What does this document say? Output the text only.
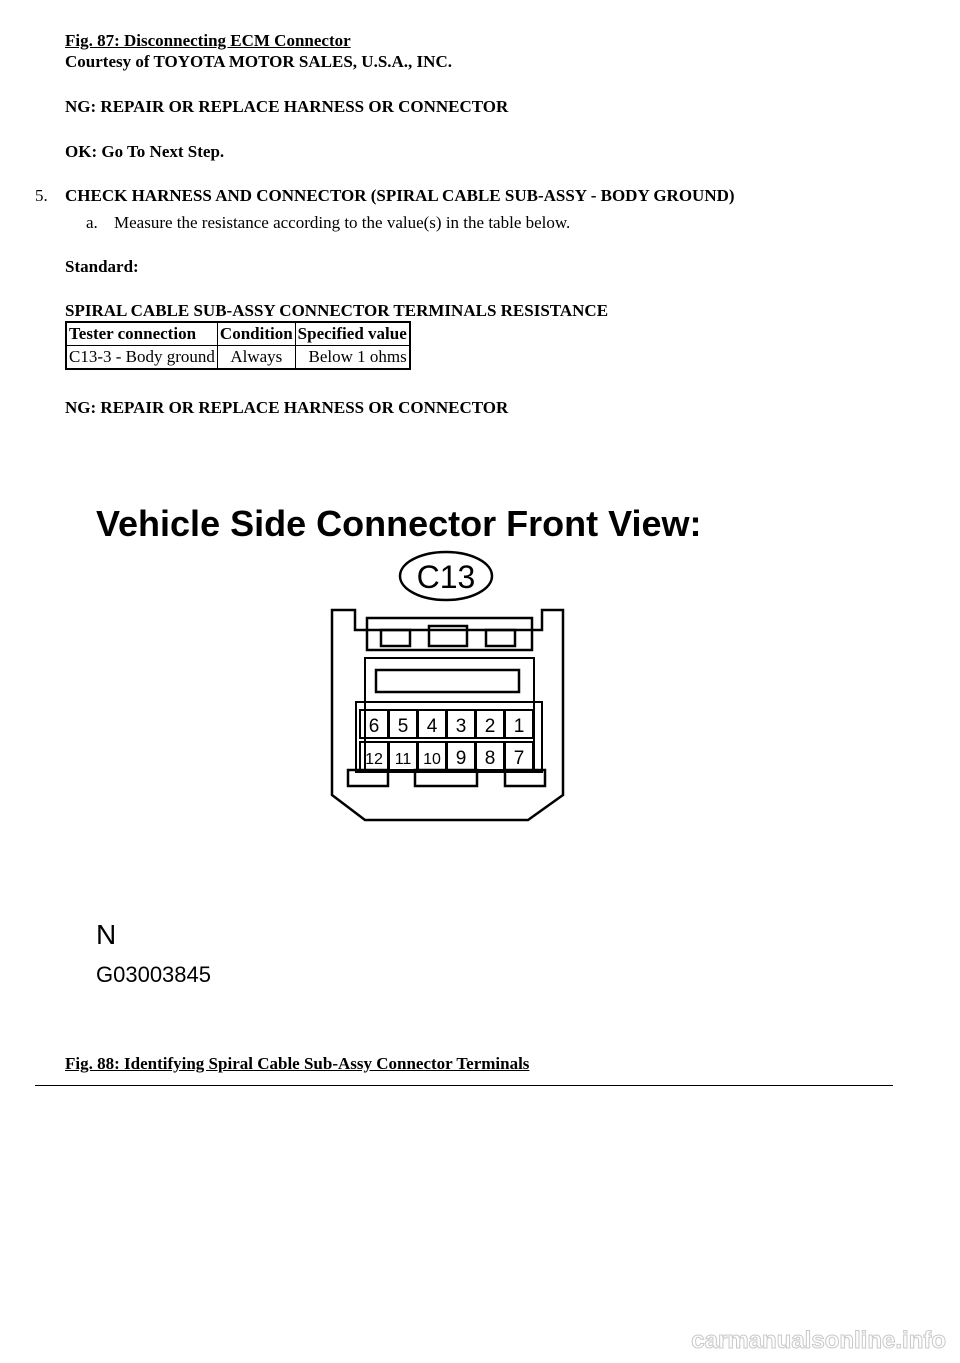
Fig. 87: Disconnecting ECM Connector
Courtesy of TOYOTA MOTOR SALES, U.S.A., INC.
NG: REPAIR OR REPLACE HARNESS OR CONNECTOR
OK: Go To Next Step.
5. CHECK HARNESS AND CONNECTOR (SPIRAL CABLE SUB-ASSY - BODY GROUND)
a. Measure the resistance according to the value(s) in the table below.
Standard:
SPIRAL CABLE SUB-ASSY CONNECTOR TERMINALS RESISTANCE
Tester connection	Condition	Specified value
C13-3 - Body ground	Always	Below 1 ohms
NG: REPAIR OR REPLACE HARNESS OR CONNECTOR
Vehicle Side Connector Front View:
C13
6 5 4 3 2 1
12 11 10 9 8 7
N
G03003845
Fig. 88: Identifying Spiral Cable Sub-Assy Connector Terminals
carmanualsonline.info
